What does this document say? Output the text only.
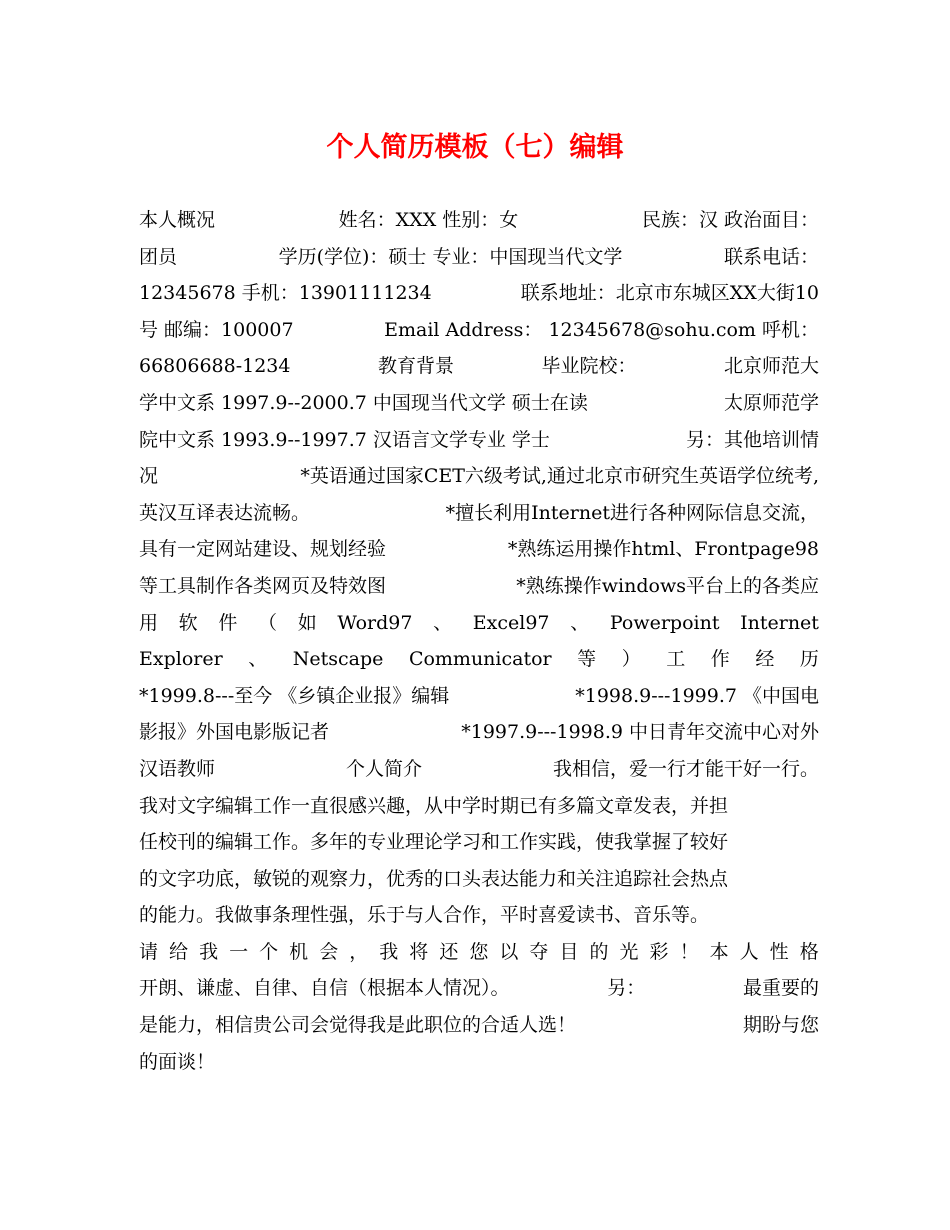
个人简历模板（七）编辑
本人概况	姓名：XXX 性别：女	民族：汉 政治面目：
团员	学历(学位)：硕士 专业：中国现当代文学	联系电话：
12345678 手机：13901111234	联系地址：北京市东城区XX大街10
号 邮编：100007	Email Address： 12345678@sohu.com 呼机：
66806688-1234	教育背景	毕业院校：	北京师范大
学中文系 1997.9--2000.7 中国现当代文学 硕士在读	太原师范学
院中文系 1993.9--1997.7 汉语言文学专业 学士	另：其他培训情
况	*英语通过国家CET六级考试,通过北京市研究生英语学位统考,
英汉互译表达流畅。	*擅长利用Internet进行各种网际信息交流，
具有一定网站建设、规划经验	*熟练运用操作html、Frontpage98
等工具制作各类网页及特效图	*熟练操作windows平台上的各类应
用 软 件 （ 如 Word97 、 Excel97 、 Powerpoint Internet
Explorer 、 Netscape Communicator 等 ） 工 作 经 历
*1999.8---至今 《乡镇企业报》编辑	*1998.9---1999.7 《中国电
影报》外国电影版记者	*1997.9---1998.9 中日青年交流中心对外
汉语教师	个人简介	我相信，爱一行才能干好一行。
我对文字编辑工作一直很感兴趣，从中学时期已有多篇文章发表，并担
任校刊的编辑工作。多年的专业理论学习和工作实践，使我掌握了较好
的文字功底，敏锐的观察力，优秀的口头表达能力和关注追踪社会热点
的能力。我做事条理性强，乐于与人合作，平时喜爱读书、音乐等。
请 给 我 一 个 机 会 ， 我 将 还 您 以 夺 目 的 光 彩 ！ 本 人 性 格
开朗、谦虚、自律、自信（根据本人情况）。	另：	最重要的
是能力，相信贵公司会觉得我是此职位的合适人选！	期盼与您
的面谈！
